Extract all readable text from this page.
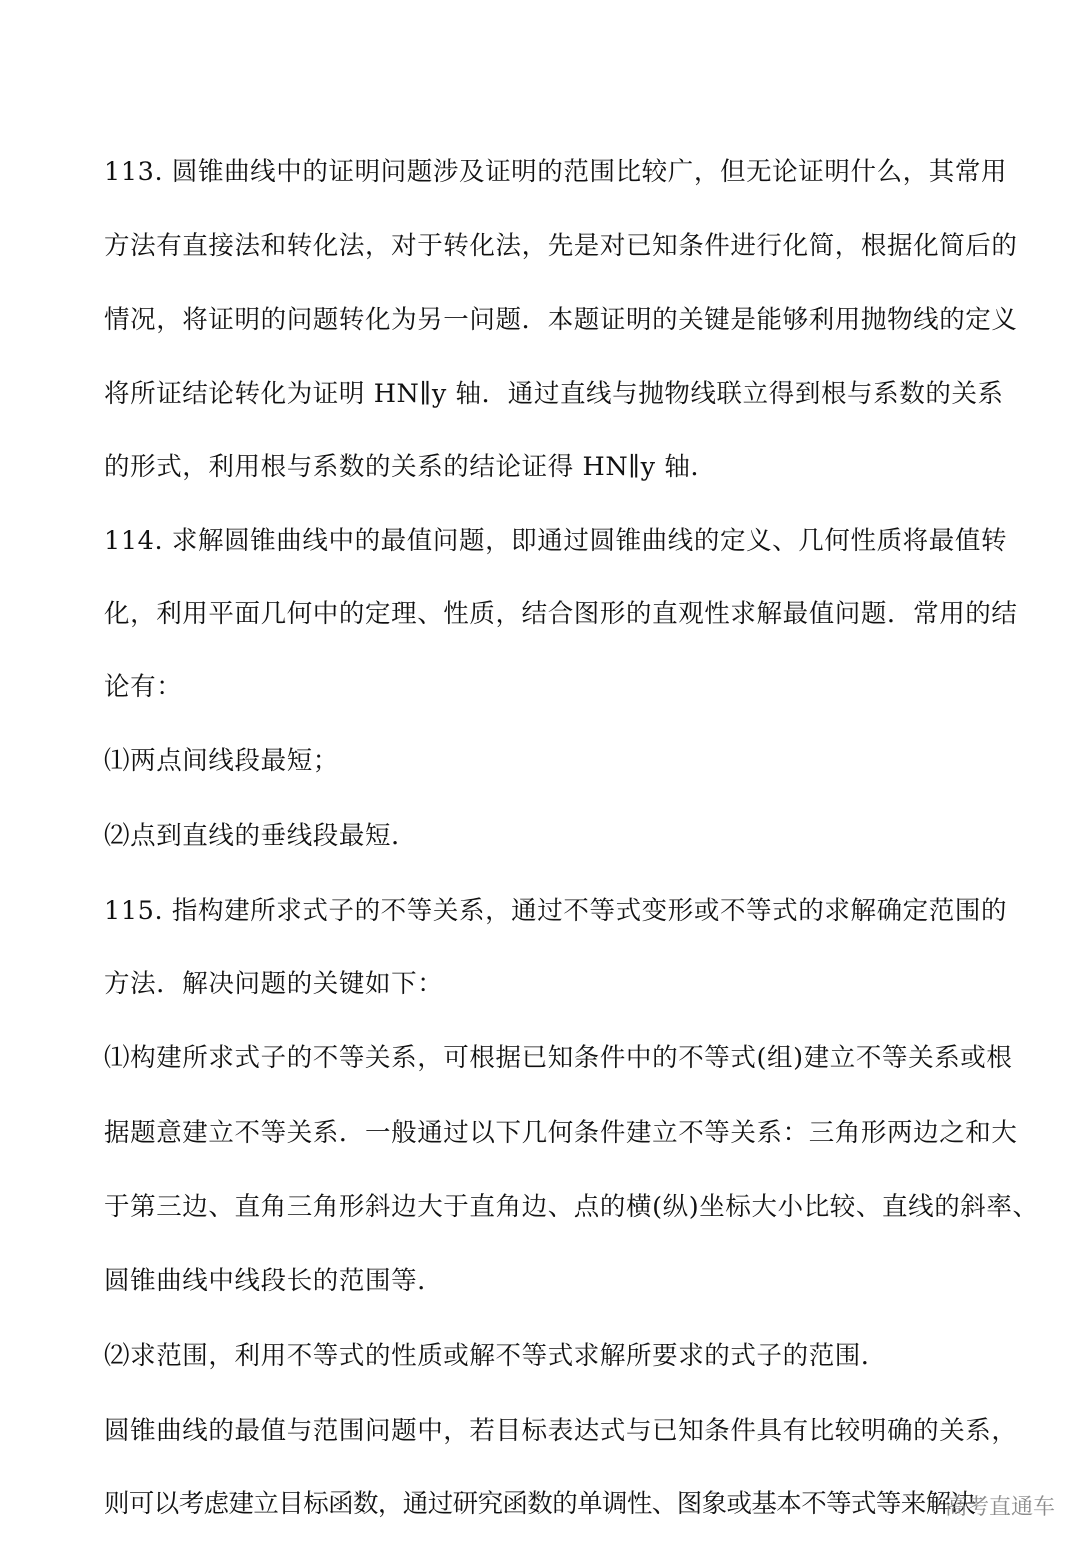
113. 圆锥曲线中的证明问题涉及证明的范围比较广，但无论证明什么，其常用
方法有直接法和转化法，对于转化法，先是对已知条件进行化简，根据化简后的
情况，将证明的问题转化为另一问题．本题证明的关键是能够利用抛物线的定义
将所证结论转化为证明 HN∥y 轴．通过直线与抛物线联立得到根与系数的关系
的形式，利用根与系数的关系的结论证得 HN∥y 轴．
114. 求解圆锥曲线中的最值问题，即通过圆锥曲线的定义、几何性质将最值转
化，利用平面几何中的定理、性质，结合图形的直观性求解最值问题．常用的结
论有：
⑴两点间线段最短；
⑵点到直线的垂线段最短．
115. 指构建所求式子的不等关系，通过不等式变形或不等式的求解确定范围的
方法．解决问题的关键如下：
⑴构建所求式子的不等关系，可根据已知条件中的不等式(组)建立不等关系或根
据题意建立不等关系．一般通过以下几何条件建立不等关系：三角形两边之和大
于第三边、直角三角形斜边大于直角边、点的横(纵)坐标大小比较、直线的斜率、
圆锥曲线中线段长的范围等．
⑵求范围，利用不等式的性质或解不等式求解所要求的式子的范围．
圆锥曲线的最值与范围问题中，若目标表达式与已知条件具有比较明确的关系，
则可以考虑建立目标函数，通过研究函数的单调性、图象或基本不等式等来解决
高考直通车
